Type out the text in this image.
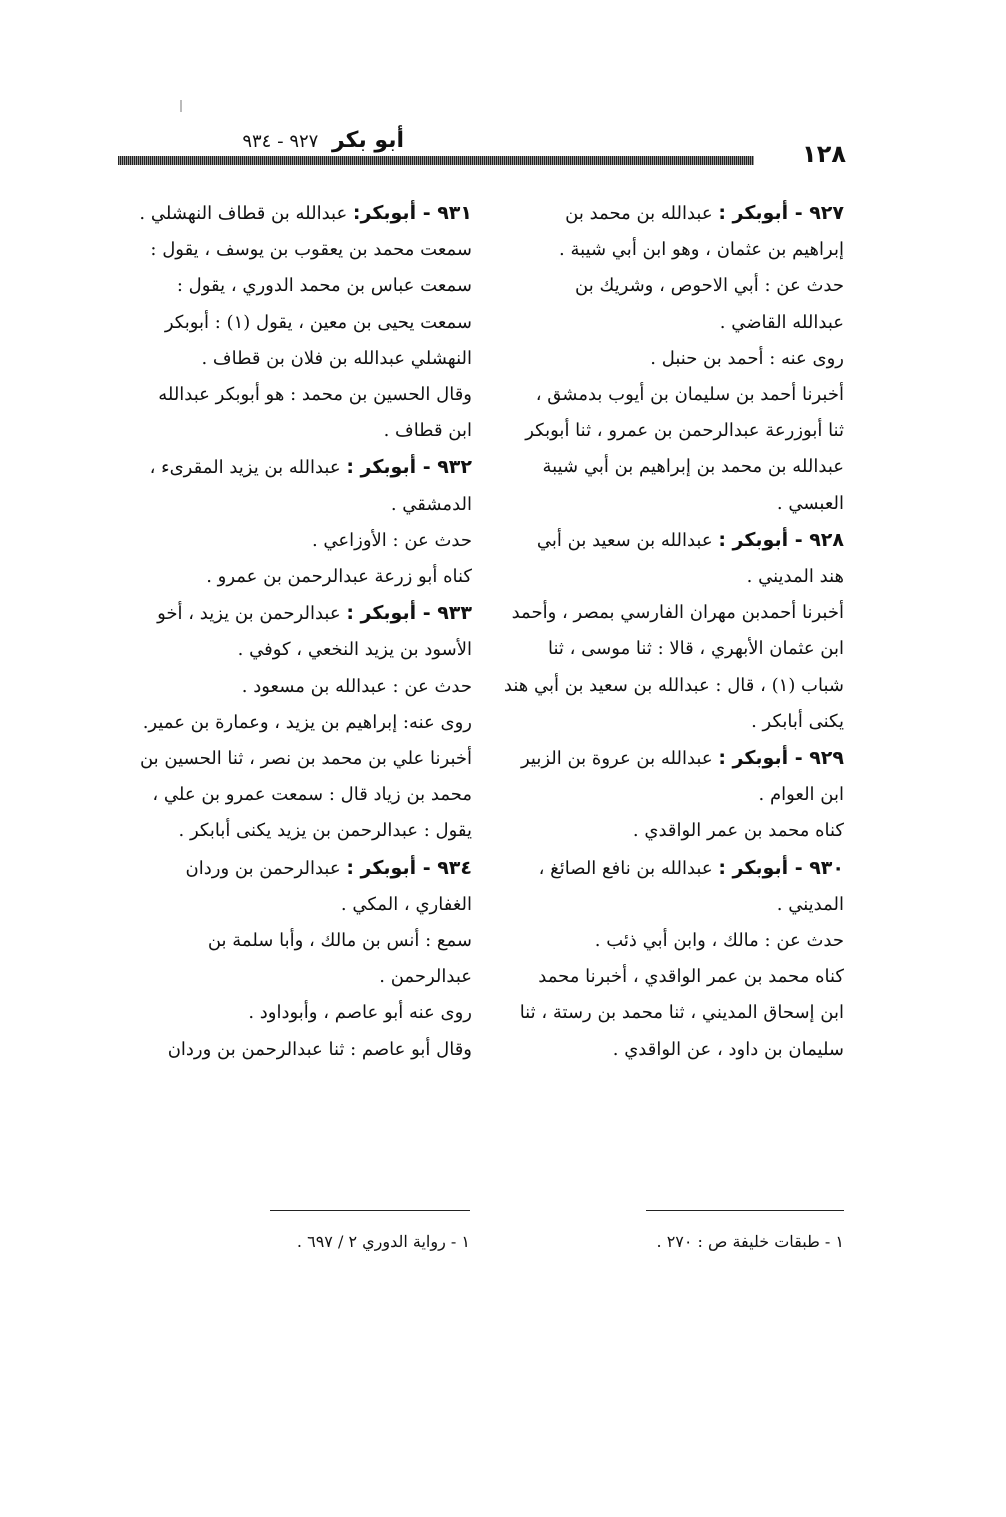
أبو بكر ٩٢٧ - ٩٣٤	١٢٨
٩٢٧ - أبوبكر : عبدالله بن محمد بن
إبراهيم بن عثمان ، وهو ابن أبي شيبة .
حدث عن : أبي الاحوص ، وشريك بن
عبدالله القاضي .
روى عنه : أحمد بن حنبل .
أخبرنا أحمد بن سليمان بن أيوب بدمشق ،
ثنا أبوزرعة عبدالرحمن بن عمرو ، ثنا أبوبكر
عبدالله بن محمد بن إبراهيم بن أبي شيبة
العبسي .
٩٢٨ - أبوبكر : عبدالله بن سعيد بن أبي
هند المديني .
أخبرنا أحمدبن مهران الفارسي بمصر ، وأحمد
ابن عثمان الأبهري ، قالا : ثنا موسى ، ثنا
شباب (١) ، قال : عبدالله بن سعيد بن أبي هند
يكنى أبابكر .
٩٢٩ - أبوبكر : عبدالله بن عروة بن الزبير
ابن العوام .
كناه محمد بن عمر الواقدي .
٩٣٠ - أبوبكر : عبدالله بن نافع الصائغ ،
المديني .
حدث عن : مالك ، وابن أبي ذئب .
كناه محمد بن عمر الواقدي ، أخبرنا محمد
ابن إسحاق المديني ، ثنا محمد بن رستة ، ثنا
سليمان بن داود ، عن الواقدي .
٩٣١ - أبوبكر: عبدالله بن قطاف النهشلي .
سمعت محمد بن يعقوب بن يوسف ، يقول :
سمعت عباس بن محمد الدوري ، يقول :
سمعت يحيى بن معين ، يقول (١) : أبوبكر
النهشلي عبدالله بن فلان بن قطاف .
وقال الحسين بن محمد : هو أبوبكر عبدالله
ابن قطاف .
٩٣٢ - أبوبكر : عبدالله بن يزيد المقرىء ،
الدمشقي .
حدث عن : الأوزاعي .
كناه أبو زرعة عبدالرحمن بن عمرو .
٩٣٣ - أبوبكر : عبدالرحمن بن يزيد ، أخو
الأسود بن يزيد النخعي ، كوفي .
حدث عن : عبدالله بن مسعود .
روى عنه: إبراهيم بن يزيد ، وعمارة بن عمير.
أخبرنا علي بن محمد بن نصر ، ثنا الحسين بن
محمد بن زياد قال : سمعت عمرو بن علي ،
يقول : عبدالرحمن بن يزيد يكنى أبابكر .
٩٣٤ - أبوبكر : عبدالرحمن بن وردان
الغفاري ، المكي .
سمع : أنس بن مالك ، وأبا سلمة بن
عبدالرحمن .
روى عنه أبو عاصم ، وأبوداود .
وقال أبو عاصم : ثنا عبدالرحمن بن وردان
١ - طبقات خليفة ص : ٢٧٠ .
١ - رواية الدوري ٢ / ٦٩٧ .
